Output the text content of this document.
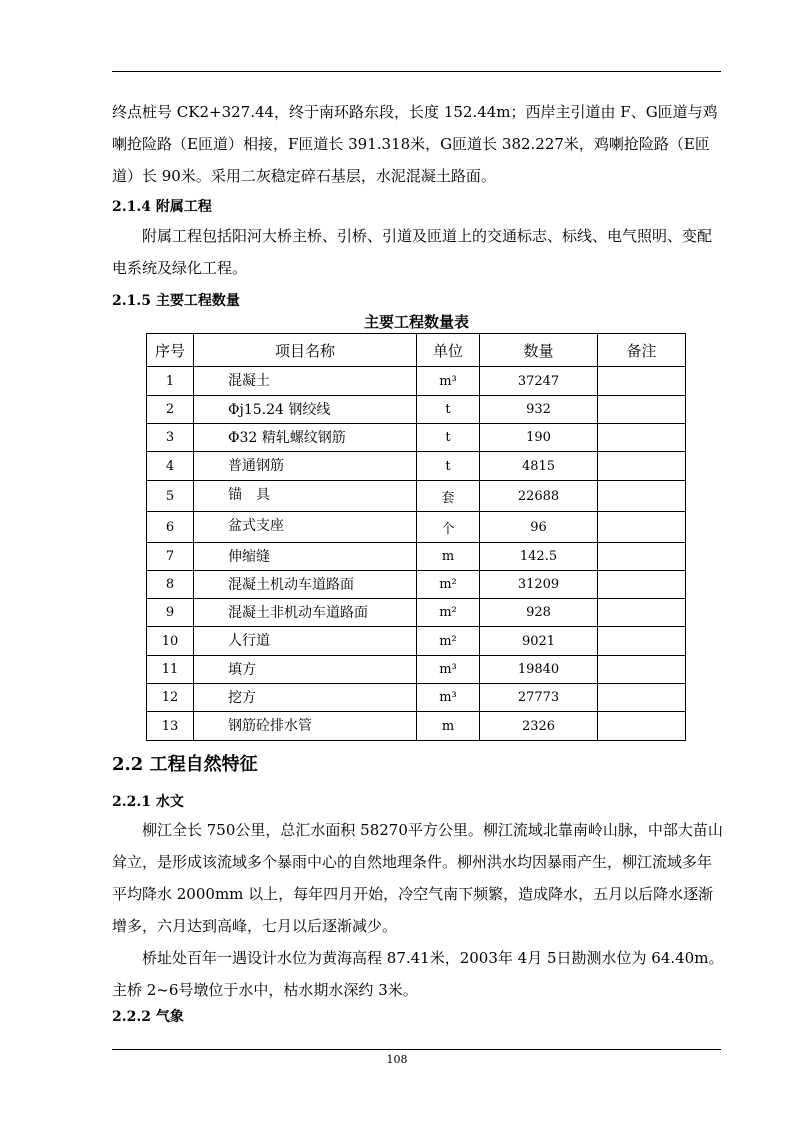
终点桩号 CK2+327.44，终于南环路东段，长度 152.44m；西岸主引道由 F、G匝道与鸡喇抢险路（E匝道）相接，F匝道长 391.318米，G匝道长 382.227米，鸡喇抢险路（E匝道）长 90米。采用二灰稳定碎石基层，水泥混凝土路面。

2.1.4 附属工程

附属工程包括阳河大桥主桥、引桥、引道及匝道上的交通标志、标线、电气照明、变配电系统及绿化工程。

2.1.5 主要工程数量
主要工程数量表
序号	项目名称	单位	数量	备注
1	混凝土	m³	37247	
2	Φj15.24 钢绞线	t	932	
3	Φ32 精轧螺纹钢筋	t	190	
4	普通钢筋	t	4815	
5	锚　具	套	22688	
6	盆式支座	个	96	
7	伸缩缝	m	142.5	
8	混凝土机动车道路面	m²	31209	
9	混凝土非机动车道路面	m²	928	
10	人行道	m²	9021	
11	填方	m³	19840	
12	挖方	m³	27773	
13	钢筋砼排水管	m	2326	
2.2 工程自然特征
2.2.1 水文

柳江全长 750公里，总汇水面积 58270平方公里。柳江流域北靠南岭山脉，中部大苗山耸立，是形成该流域多个暴雨中心的自然地理条件。柳州洪水均因暴雨产生，柳江流域多年平均降水 2000mm 以上，每年四月开始，冷空气南下频繁，造成降水，五月以后降水逐渐增多，六月达到高峰，七月以后逐渐减少。

桥址处百年一遇设计水位为黄海高程 87.41米，2003年 4月 5日勘测水位为 64.40m。主桥 2~6号墩位于水中，枯水期水深约 3米。

2.2.2 气象
108
